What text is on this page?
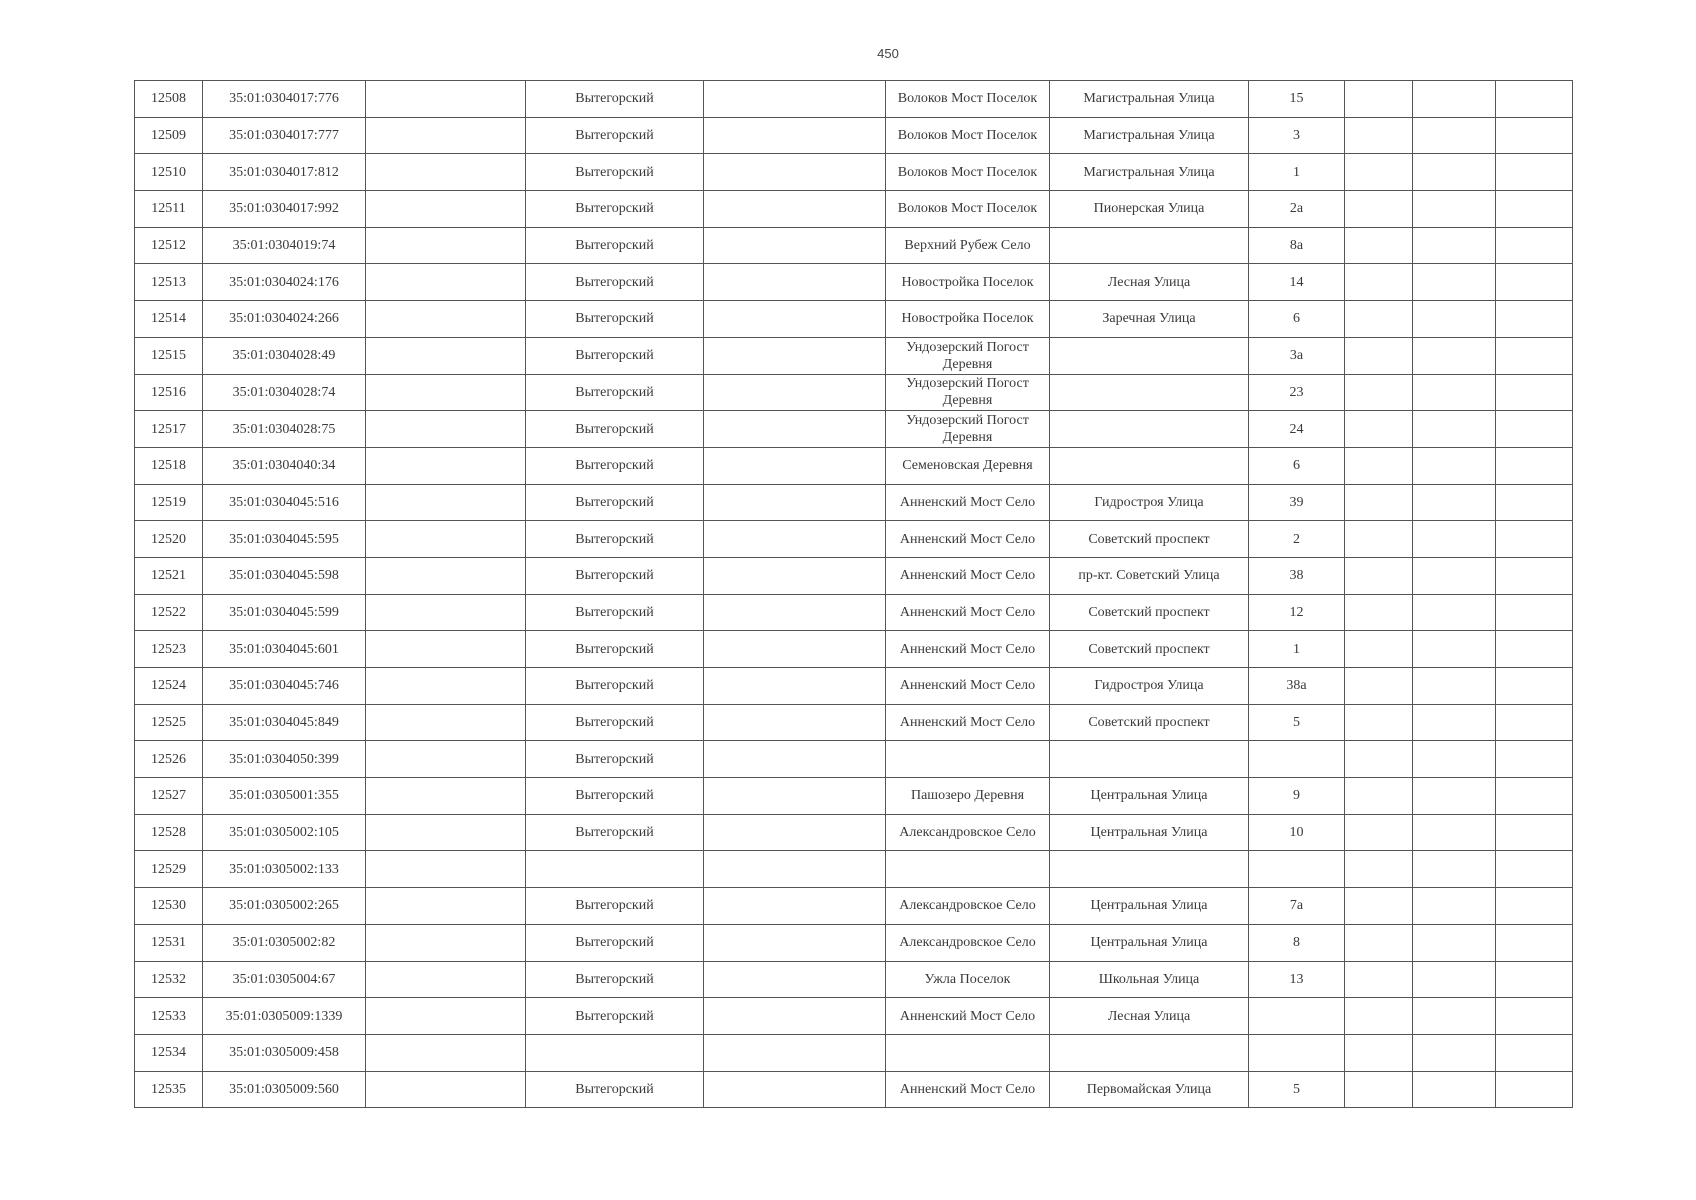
450
12508	35:01:0304017:776		Вытегорский		Волоков Мост Поселок	Магистральная Улица	15			
12509	35:01:0304017:777		Вытегорский		Волоков Мост Поселок	Магистральная Улица	3			
12510	35:01:0304017:812		Вытегорский		Волоков Мост Поселок	Магистральная Улица	1			
12511	35:01:0304017:992		Вытегорский		Волоков Мост Поселок	Пионерская Улица	2а			
12512	35:01:0304019:74		Вытегорский		Верхний Рубеж Село		8а			
12513	35:01:0304024:176		Вытегорский		Новостройка Поселок	Лесная Улица	14			
12514	35:01:0304024:266		Вытегорский		Новостройка Поселок	Заречная Улица	6			
12515	35:01:0304028:49		Вытегорский		Ундозерский Погост Деревня		3а			
12516	35:01:0304028:74		Вытегорский		Ундозерский Погост Деревня		23			
12517	35:01:0304028:75		Вытегорский		Ундозерский Погост Деревня		24			
12518	35:01:0304040:34		Вытегорский		Семеновская Деревня		6			
12519	35:01:0304045:516		Вытегорский		Анненский Мост Село	Гидростроя Улица	39			
12520	35:01:0304045:595		Вытегорский		Анненский Мост Село	Советский проспект	2			
12521	35:01:0304045:598		Вытегорский		Анненский Мост Село	пр-кт. Советский Улица	38			
12522	35:01:0304045:599		Вытегорский		Анненский Мост Село	Советский проспект	12			
12523	35:01:0304045:601		Вытегорский		Анненский Мост Село	Советский проспект	1			
12524	35:01:0304045:746		Вытегорский		Анненский Мост Село	Гидростроя Улица	38а			
12525	35:01:0304045:849		Вытегорский		Анненский Мост Село	Советский проспект	5			
12526	35:01:0304050:399		Вытегорский							
12527	35:01:0305001:355		Вытегорский		Пашозеро Деревня	Центральная Улица	9			
12528	35:01:0305002:105		Вытегорский		Александровское Село	Центральная Улица	10			
12529	35:01:0305002:133									
12530	35:01:0305002:265		Вытегорский		Александровское Село	Центральная Улица	7а			
12531	35:01:0305002:82		Вытегорский		Александровское Село	Центральная Улица	8			
12532	35:01:0305004:67		Вытегорский		Ужла Поселок	Школьная Улица	13			
12533	35:01:0305009:1339		Вытегорский		Анненский Мост Село	Лесная Улица				
12534	35:01:0305009:458									
12535	35:01:0305009:560		Вытегорский		Анненский Мост Село	Первомайская Улица	5			
